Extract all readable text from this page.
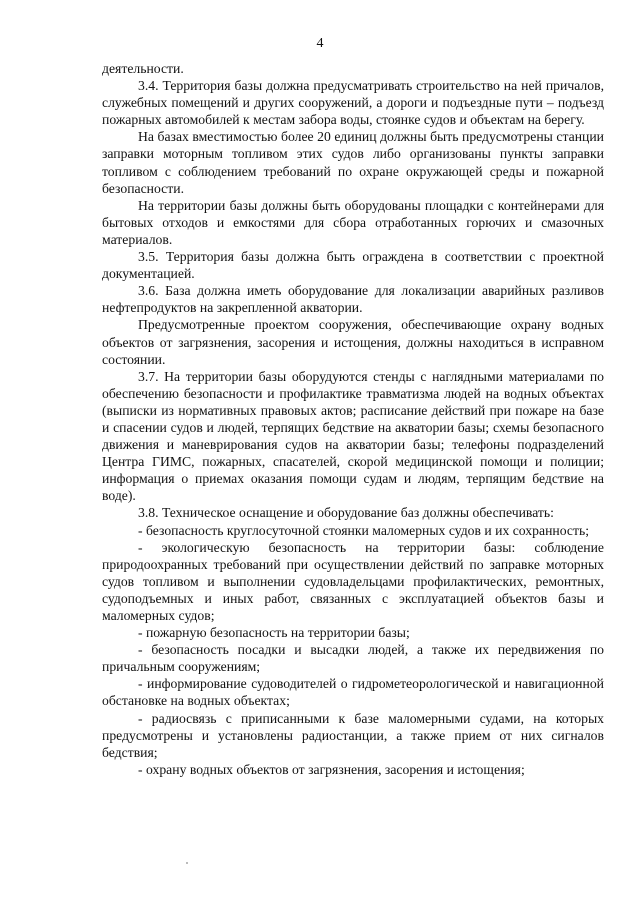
4

деятельности.

3.4. Территория базы должна предусматривать строительство на ней причалов, служебных помещений и других сооружений, а дороги и подъездные пути – подъезд пожарных автомобилей к местам забора воды, стоянке судов и объектам на берегу.

На базах вместимостью более 20 единиц должны быть предусмотрены станции заправки моторным топливом этих судов либо организованы пункты заправки топливом с соблюдением требований по охране окружающей среды и пожарной безопасности.

На территории базы должны быть оборудованы площадки с контейнерами для бытовых отходов и емкостями для сбора отработанных горючих и смазочных материалов.

3.5. Территория базы должна быть ограждена в соответствии с проектной документацией.

3.6. База должна иметь оборудование для локализации аварийных разливов нефтепродуктов на закрепленной акватории.

Предусмотренные проектом сооружения, обеспечивающие охрану водных объектов от загрязнения, засорения и истощения, должны находиться в исправном состоянии.

3.7. На территории базы оборудуются стенды с наглядными материалами по обеспечению безопасности и профилактике травматизма людей на водных объектах (выписки из нормативных правовых актов; расписание действий при пожаре на базе и спасении судов и людей, терпящих бедствие на акватории базы; схемы безопасного движения и маневрирования судов на акватории базы; телефоны подразделений Центра ГИМС, пожарных, спасателей, скорой медицинской помощи и полиции; информация о приемах оказания помощи судам и людям, терпящим бедствие на воде).

3.8. Техническое оснащение и оборудование баз должны обеспечивать:

- безопасность круглосуточной стоянки маломерных судов и их сохранность;

- экологическую безопасность на территории базы: соблюдение природоохранных требований при осуществлении действий по заправке моторных судов топливом и выполнении судовладельцами профилактических, ремонтных, судоподъемных и иных работ, связанных с эксплуатацией объектов базы и маломерных судов;

- пожарную безопасность на территории базы;

- безопасность посадки и высадки людей, а также их передвижения по причальным сооружениям;

- информирование судоводителей о гидрометеорологической и навигационной обстановке на водных объектах;

- радиосвязь с приписанными к базе маломерными судами, на которых предусмотрены и установлены радиостанции, а также прием от них сигналов бедствия;

- охрану водных объектов от загрязнения, засорения и истощения;
